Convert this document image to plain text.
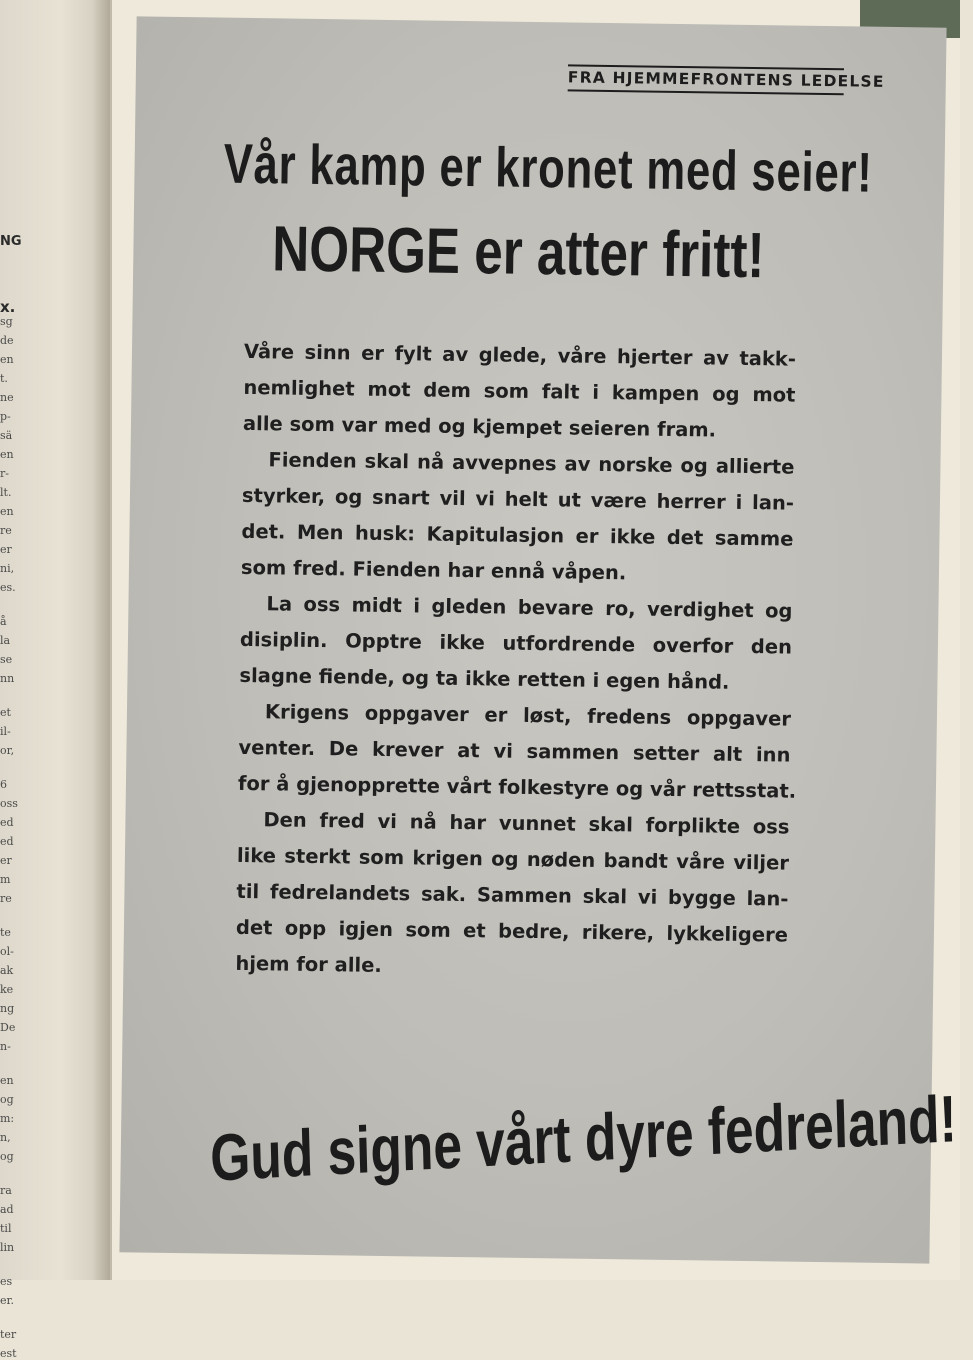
NG
x.
sg
de
en
t.
ne
p-
sä
en
r-
lt.
en
re
er
ni,
es.
å
la
se
nn
et
il-
or,
6
oss
ed
ed
er
m
re
te
ol-
ak
ke
ng
De
n-
en
og
m:
n,
og
ra
ad
til
lin
es
er.
ter
est
FRA HJEMMEFRONTENS LEDELSE
Vår kamp er kronet med seier!
NORGE er atter fritt!
Våre sinn er fylt av glede, våre hjerter av takk-
nemlighet mot dem som falt i kampen og mot
alle som var med og kjempet seieren fram.
Fienden skal nå avvepnes av norske og allierte
styrker, og snart vil vi helt ut være herrer i lan-
det. Men husk: Kapitulasjon er ikke det samme
som fred. Fienden har ennå våpen.
La oss midt i gleden bevare ro, verdighet og
disiplin. Opptre ikke utfordrende overfor den
slagne fiende, og ta ikke retten i egen hånd.
Krigens oppgaver er løst, fredens oppgaver
venter. De krever at vi sammen setter alt inn
for å gjenopprette vårt folkestyre og vår rettsstat.
Den fred vi nå har vunnet skal forplikte oss
like sterkt som krigen og nøden bandt våre viljer
til fedrelandets sak. Sammen skal vi bygge lan-
det opp igjen som et bedre, rikere, lykkeligere
hjem for alle.
Gud signe vårt dyre fedreland!
